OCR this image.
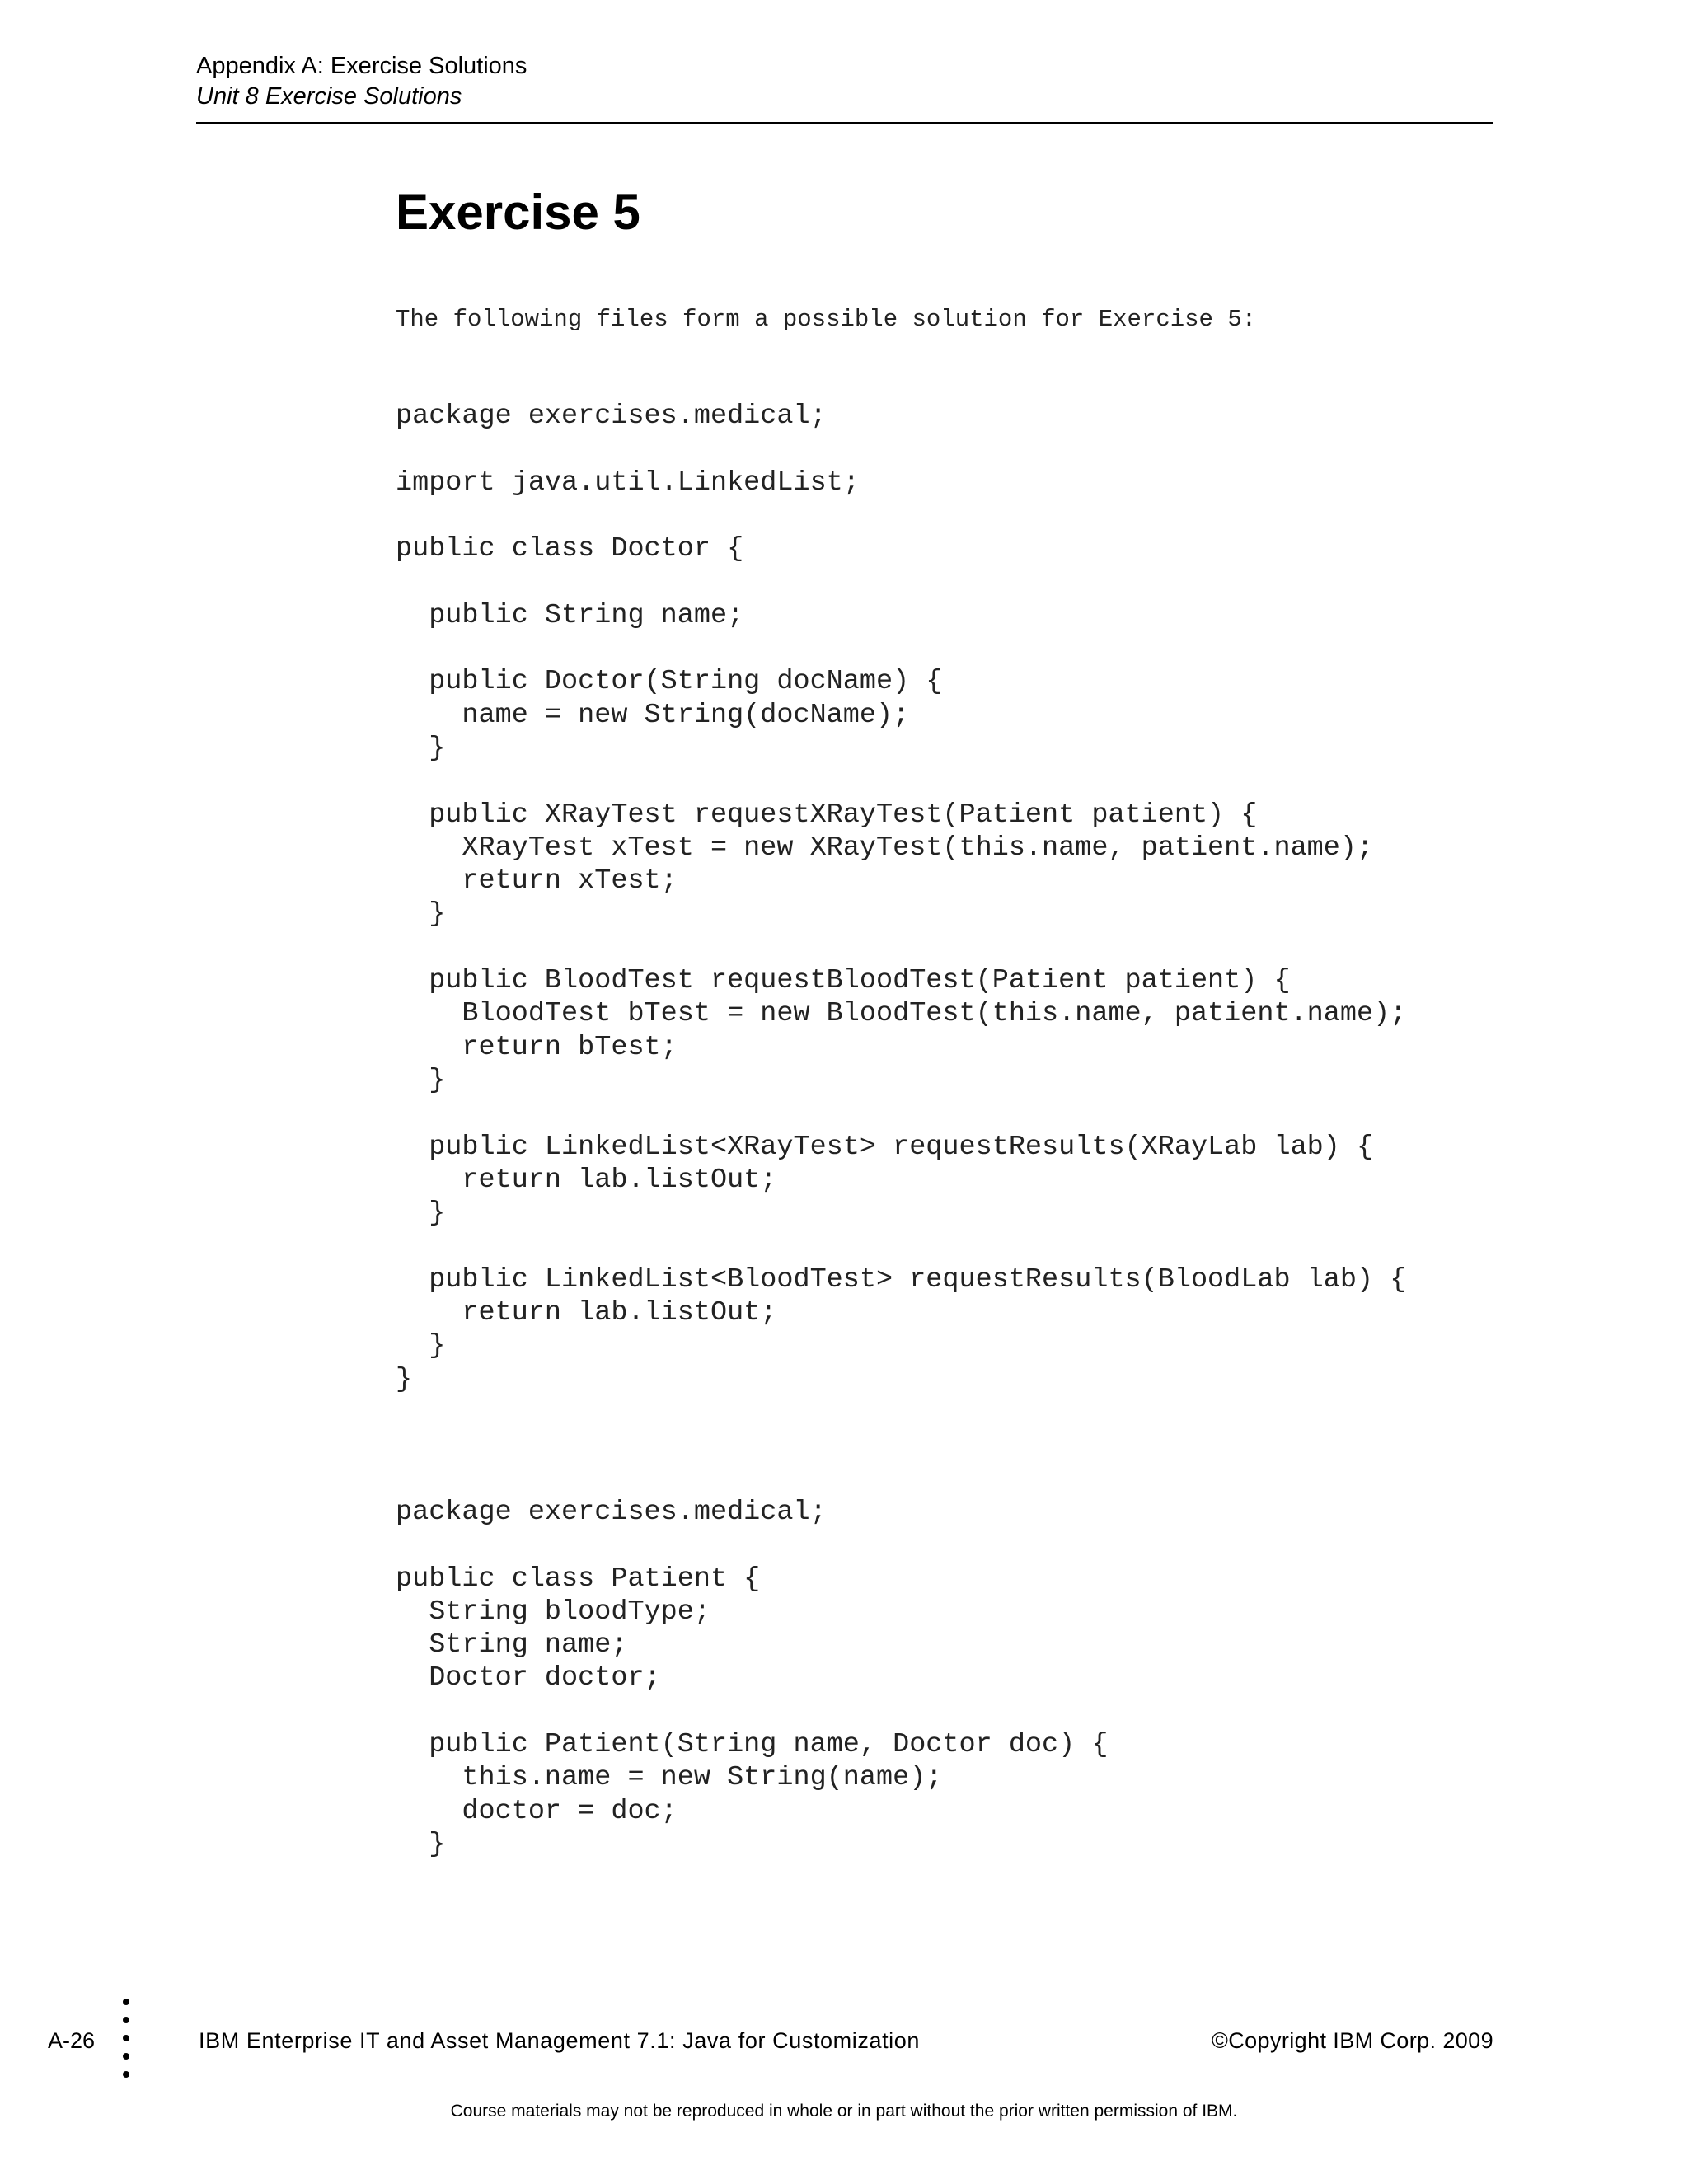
Appendix A: Exercise Solutions
Unit 8 Exercise Solutions
Exercise 5
The following files form a possible solution for Exercise 5:
package exercises.medical;

import java.util.LinkedList;

public class Doctor {

public String name;

public Doctor(String docName) {
name = new String(docName);
}

public XRayTest requestXRayTest(Patient patient) {
XRayTest xTest = new XRayTest(this.name, patient.name);
return xTest;
}

public BloodTest requestBloodTest(Patient patient) {
BloodTest bTest = new BloodTest(this.name, patient.name);
return bTest;
}

public LinkedList<XRayTest> requestResults(XRayLab lab) {
return lab.listOut;
}

public LinkedList<BloodTest> requestResults(BloodLab lab) {
return lab.listOut;
}
}
package exercises.medical;

public class Patient {
String bloodType;
String name;
Doctor doctor;

public Patient(String name, Doctor doc) {
this.name = new String(name);
doctor = doc;
}
A-26	IBM Enterprise IT and Asset Management 7.1: Java for Customization	©Copyright IBM Corp. 2009
Course materials may not be reproduced in whole or in part without the prior written permission of IBM.
